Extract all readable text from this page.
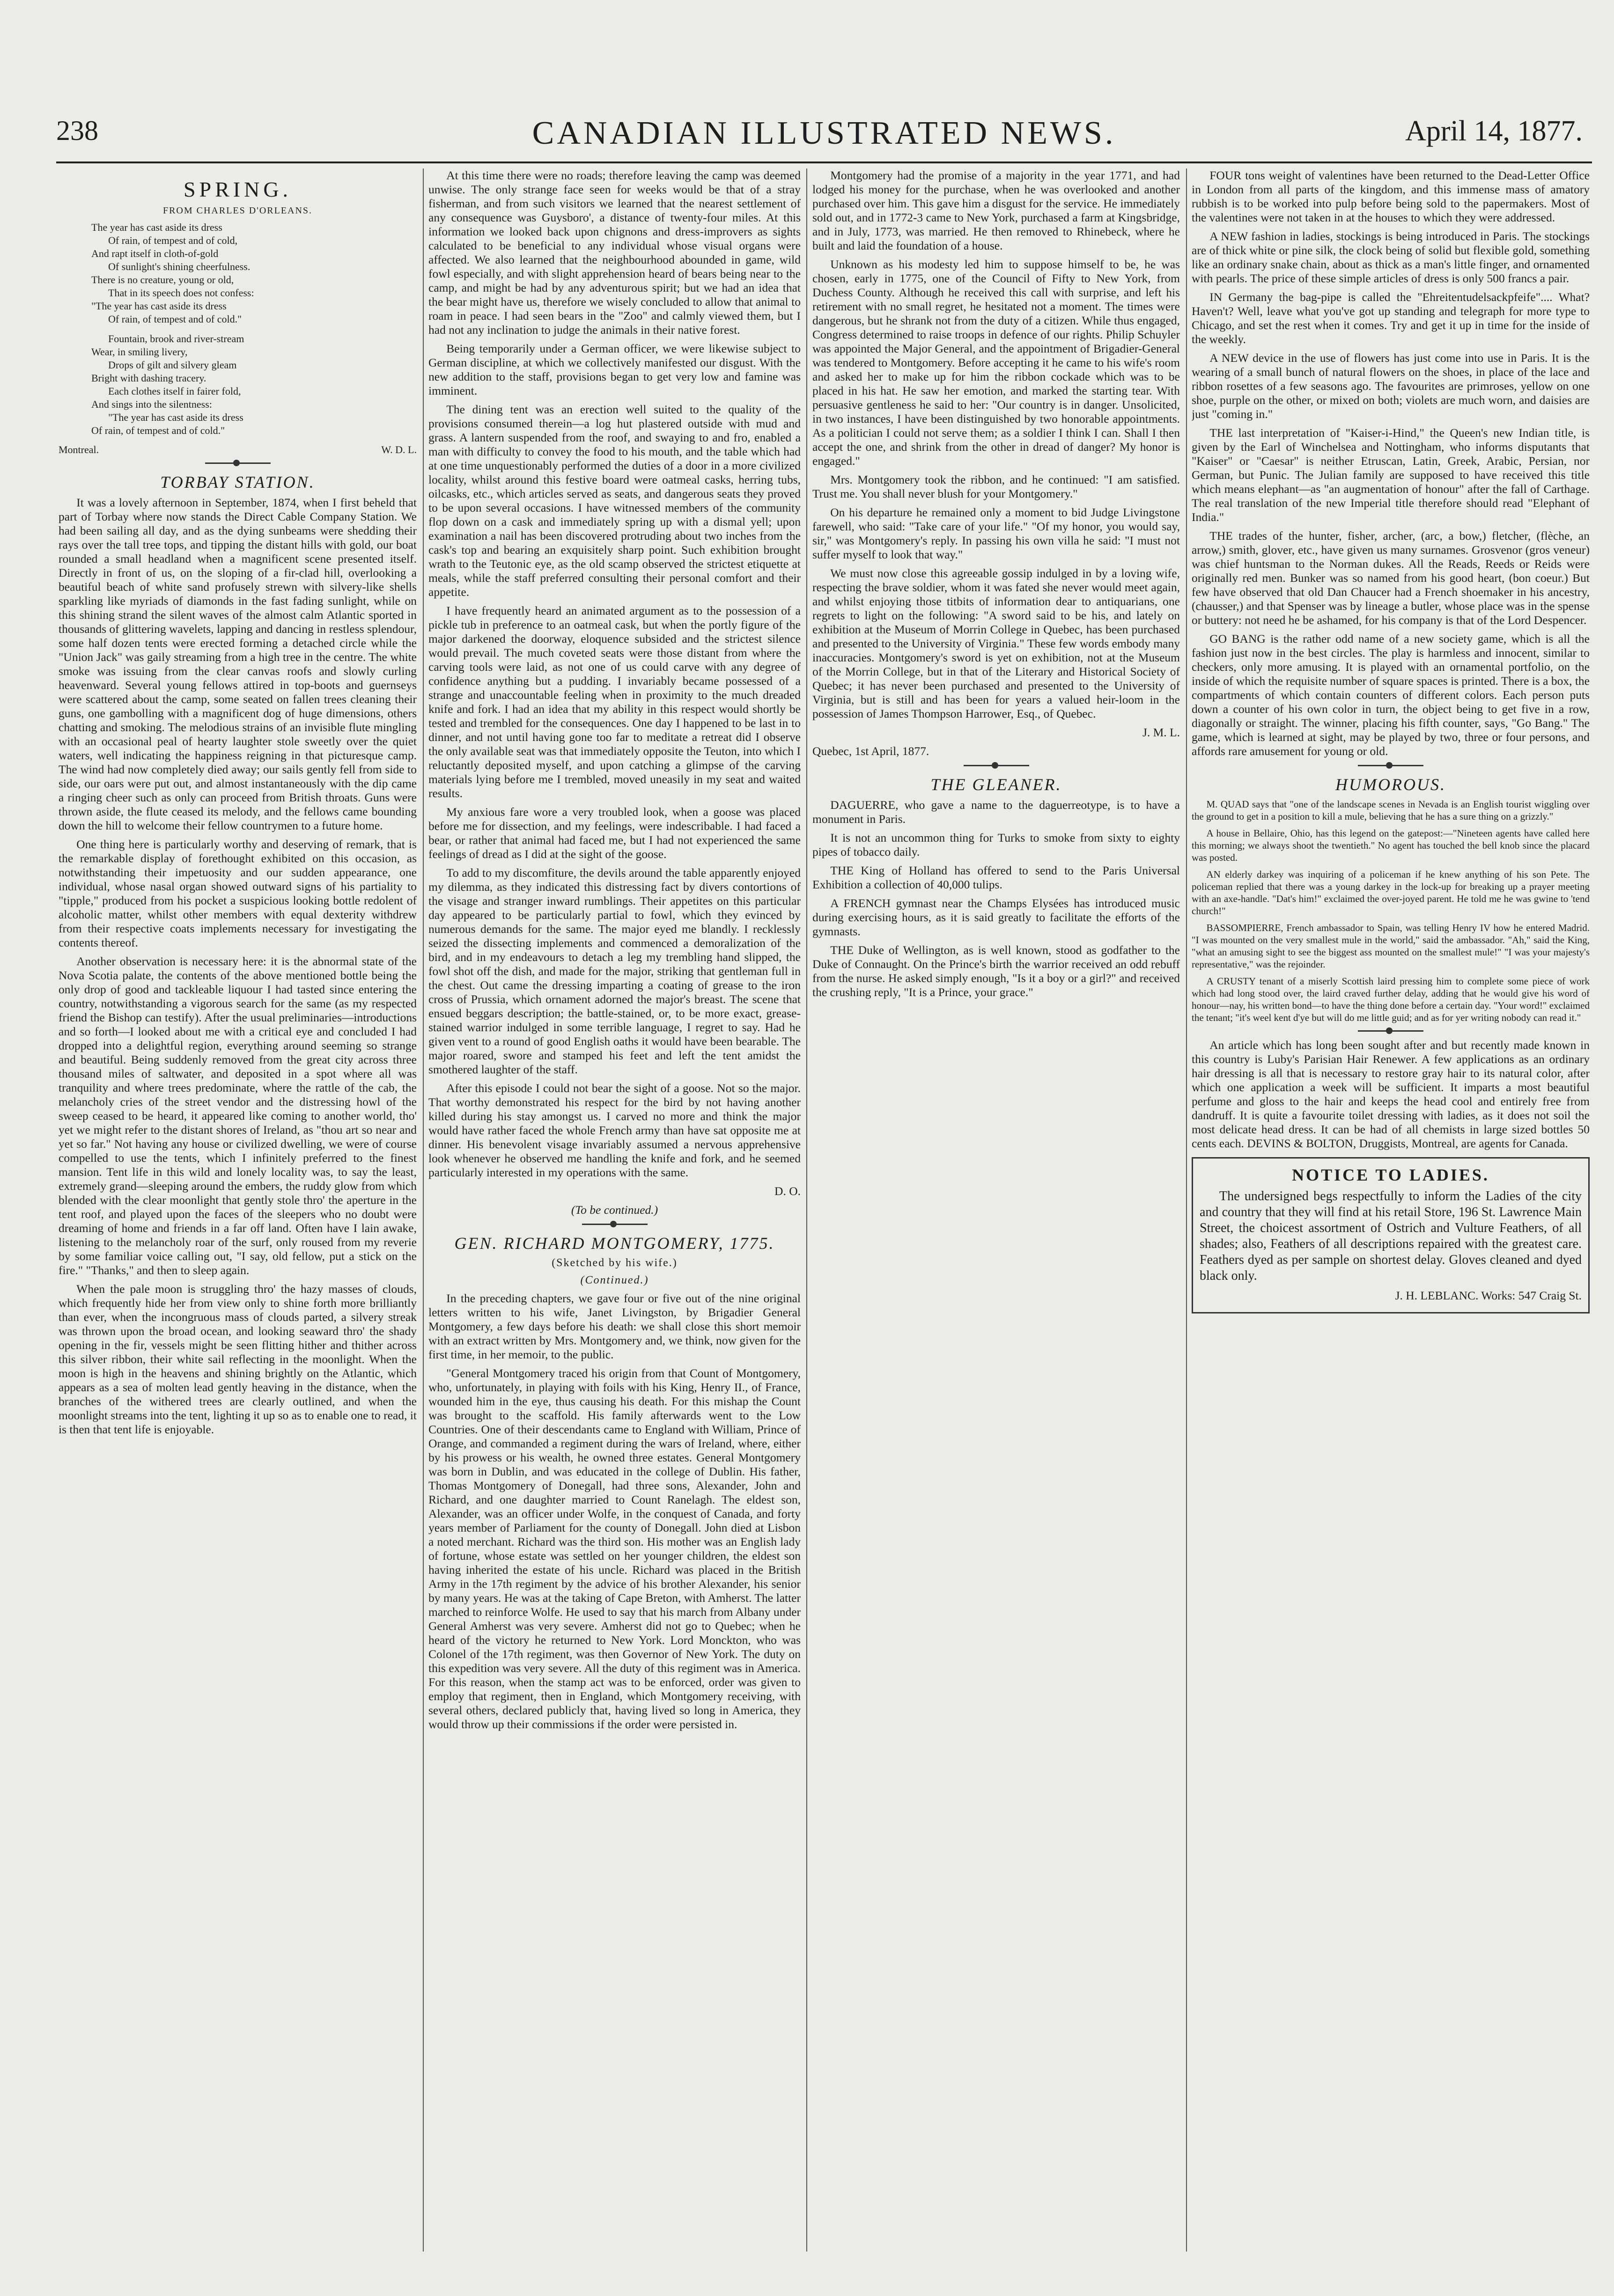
238	CANADIAN ILLUSTRATED NEWS.	April 14, 1877.
SPRING.
FROM CHARLES D'ORLEANS.
The year has cast aside its dress
Of rain, of tempest and of cold,
And rapt itself in cloth-of-gold
Of sunlight's shining cheerfulness.
There is no creature, young or old,
That in its speech does not confess:
"The year has cast aside its dress
Of rain, of tempest and of cold."
Fountain, brook and river-stream
Wear, in smiling livery,
Drops of gilt and silvery gleam
Bright with dashing tracery.
Each clothes itself in fairer fold,
And sings into the silentness:
"The year has cast aside its dress
Of rain, of tempest and of cold."
Montreal.	W. D. L.
TORBAY STATION.

It was a lovely afternoon in September, 1874, when I first beheld that part of Torbay where now stands the Direct Cable Company Station. We had been sailing all day, and as the dying sunbeams were shedding their rays over the tall tree tops, and tipping the distant hills with gold, our boat rounded a small headland when a magnificent scene presented itself. Directly in front of us, on the sloping of a fir-clad hill, overlooking a beautiful beach of white sand profusely strewn with silvery-like shells sparkling like myriads of diamonds in the fast fading sunlight, while on this shining strand the silent waves of the almost calm Atlantic sported in thousands of glittering wavelets, lapping and dancing in restless splendour, some half dozen tents were erected forming a detached circle while the "Union Jack" was gaily streaming from a high tree in the centre. The white smoke was issuing from the clear canvas roofs and slowly curling heavenward. Several young fellows attired in top-boots and guernseys were scattered about the camp, some seated on fallen trees cleaning their guns, one gambolling with a magnificent dog of huge dimensions, others chatting and smoking. The melodious strains of an invisible flute mingling with an occasional peal of hearty laughter stole sweetly over the quiet waters, well indicating the happiness reigning in that picturesque camp. The wind had now completely died away; our sails gently fell from side to side, our oars were put out, and almost instantaneously with the dip came a ringing cheer such as only can proceed from British throats. Guns were thrown aside, the flute ceased its melody, and the fellows came bounding down the hill to welcome their fellow countrymen to a future home.

One thing here is particularly worthy and deserving of remark, that is the remarkable display of forethought exhibited on this occasion, as notwithstanding their impetuosity and our sudden appearance, one individual, whose nasal organ showed outward signs of his partiality to "tipple," produced from his pocket a suspicious looking bottle redolent of alcoholic matter, whilst other members with equal dexterity withdrew from their respective coats implements necessary for investigating the contents thereof.

Another observation is necessary here: it is the abnormal state of the Nova Scotia palate, the contents of the above mentioned bottle being the only drop of good and tackleable liquour I had tasted since entering the country, notwithstanding a vigorous search for the same (as my respected friend the Bishop can testify). After the usual preliminaries—introductions and so forth—I looked about me with a critical eye and concluded I had dropped into a delightful region, everything around seeming so strange and beautiful. Being suddenly removed from the great city across three thousand miles of saltwater, and deposited in a spot where all was tranquility and where trees predominate, where the rattle of the cab, the melancholy cries of the street vendor and the distressing howl of the sweep ceased to be heard, it appeared like coming to another world, tho' yet we might refer to the distant shores of Ireland, as "thou art so near and yet so far." Not having any house or civilized dwelling, we were of course compelled to use the tents, which I infinitely preferred to the finest mansion. Tent life in this wild and lonely locality was, to say the least, extremely grand—sleeping around the embers, the ruddy glow from which blended with the clear moonlight that gently stole thro' the aperture in the tent roof, and played upon the faces of the sleepers who no doubt were dreaming of home and friends in a far off land. Often have I lain awake, listening to the melancholy roar of the surf, only roused from my reverie by some familiar voice calling out, "I say, old fellow, put a stick on the fire." "Thanks," and then to sleep again.

When the pale moon is struggling thro' the hazy masses of clouds, which frequently hide her from view only to shine forth more brilliantly than ever, when the incongruous mass of clouds parted, a silvery streak was thrown upon the broad ocean, and looking seaward thro' the shady opening in the fir, vessels might be seen flitting hither and thither across this silver ribbon, their white sail reflecting in the moonlight. When the moon is high in the heavens and shining brightly on the Atlantic, which appears as a sea of molten lead gently heaving in the distance, when the branches of the withered trees are clearly outlined, and when the moonlight streams into the tent, lighting it up so as to enable one to read, it is then that tent life is enjoyable.

At this time there were no roads; therefore leaving the camp was deemed unwise. The only strange face seen for weeks would be that of a stray fisherman, and from such visitors we learned that the nearest settlement of any consequence was Guysboro', a distance of twenty-four miles. At this information we looked back upon chignons and dress-improvers as sights calculated to be beneficial to any individual whose visual organs were affected. We also learned that the neighbourhood abounded in game, wild fowl especially, and with slight apprehension heard of bears being near to the camp, and might be had by any adventurous spirit; but we had an idea that the bear might have us, therefore we wisely concluded to allow that animal to roam in peace. I had seen bears in the "Zoo" and calmly viewed them, but I had not any inclination to judge the animals in their native forest.

Being temporarily under a German officer, we were likewise subject to German discipline, at which we collectively manifested our disgust. With the new addition to the staff, provisions began to get very low and famine was imminent.

The dining tent was an erection well suited to the quality of the provisions consumed therein—a log hut plastered outside with mud and grass. A lantern suspended from the roof, and swaying to and fro, enabled a man with difficulty to convey the food to his mouth, and the table which had at one time unquestionably performed the duties of a door in a more civilized locality, whilst around this festive board were oatmeal casks, herring tubs, oilcasks, etc., which articles served as seats, and dangerous seats they proved to be upon several occasions. I have witnessed members of the community flop down on a cask and immediately spring up with a dismal yell; upon examination a nail has been discovered protruding about two inches from the cask's top and bearing an exquisitely sharp point. Such exhibition brought wrath to the Teutonic eye, as the old scamp observed the strictest etiquette at meals, while the staff preferred consulting their personal comfort and their appetite.

I have frequently heard an animated argument as to the possession of a pickle tub in preference to an oatmeal cask, but when the portly figure of the major darkened the doorway, eloquence subsided and the strictest silence would prevail. The much coveted seats were those distant from where the carving tools were laid, as not one of us could carve with any degree of confidence anything but a pudding. I invariably became possessed of a strange and unaccountable feeling when in proximity to the much dreaded knife and fork. I had an idea that my ability in this respect would shortly be tested and trembled for the consequences. One day I happened to be last in to dinner, and not until having gone too far to meditate a retreat did I observe the only available seat was that immediately opposite the Teuton, into which I reluctantly deposited myself, and upon catching a glimpse of the carving materials lying before me I trembled, moved uneasily in my seat and waited results.

My anxious fare wore a very troubled look, when a goose was placed before me for dissection, and my feelings, were indescribable. I had faced a bear, or rather that animal had faced me, but I had not experienced the same feelings of dread as I did at the sight of the goose.

To add to my discomfiture, the devils around the table apparently enjoyed my dilemma, as they indicated this distressing fact by divers contortions of the visage and stranger inward rumblings. Their appetites on this particular day appeared to be particularly partial to fowl, which they evinced by numerous demands for the same. The major eyed me blandly. I recklessly seized the dissecting implements and commenced a demoralization of the bird, and in my endeavours to detach a leg my trembling hand slipped, the fowl shot off the dish, and made for the major, striking that gentleman full in the chest. Out came the dressing imparting a coating of grease to the iron cross of Prussia, which ornament adorned the major's breast. The scene that ensued beggars description; the battle-stained, or, to be more exact, grease-stained warrior indulged in some terrible language, I regret to say. Had he given vent to a round of good English oaths it would have been bearable. The major roared, swore and stamped his feet and left the tent amidst the smothered laughter of the staff.

After this episode I could not bear the sight of a goose. Not so the major. That worthy demonstrated his respect for the bird by not having another killed during his stay amongst us. I carved no more and think the major would have rather faced the whole French army than have sat opposite me at dinner. His benevolent visage invariably assumed a nervous apprehensive look whenever he observed me handling the knife and fork, and he seemed particularly interested in my operations with the same.

D. O.

(To be continued.)

GEN. RICHARD MONTGOMERY, 1775.
(Sketched by his wife.)
(Continued.)

In the preceding chapters, we gave four or five out of the nine original letters written to his wife, Janet Livingston, by Brigadier General Montgomery, a few days before his death: we shall close this short memoir with an extract written by Mrs. Montgomery and, we think, now given for the first time, in her memoir, to the public.

"General Montgomery traced his origin from that Count of Montgomery, who, unfortunately, in playing with foils with his King, Henry II., of France, wounded him in the eye, thus causing his death. For this mishap the Count was brought to the scaffold. His family afterwards went to the Low Countries. One of their descendants came to England with William, Prince of Orange, and commanded a regiment during the wars of Ireland, where, either by his prowess or his wealth, he owned three estates. General Montgomery was born in Dublin, and was educated in the college of Dublin. His father, Thomas Montgomery of Donegall, had three sons, Alexander, John and Richard, and one daughter married to Count Ranelagh. The eldest son, Alexander, was an officer under Wolfe, in the conquest of Canada, and forty years member of Parliament for the county of Donegall. John died at Lisbon a noted merchant. Richard was the third son. His mother was an English lady of fortune, whose estate was settled on her younger children, the eldest son having inherited the estate of his uncle. Richard was placed in the British Army in the 17th regiment by the advice of his brother Alexander, his senior by many years. He was at the taking of Cape Breton, with Amherst. The latter marched to reinforce Wolfe. He used to say that his march from Albany under General Amherst was very severe. Amherst did not go to Quebec; when he heard of the victory he returned to New York. Lord Monckton, who was Colonel of the 17th regiment, was then Governor of New York. The duty on this expedition was very severe. All the duty of this regiment was in America. For this reason, when the stamp act was to be enforced, order was given to employ that regiment, then in England, which Montgomery receiving, with several others, declared publicly that, having lived so long in America, they would throw up their commissions if the order were persisted in.

Montgomery had the promise of a majority in the year 1771, and had lodged his money for the purchase, when he was overlooked and another purchased over him. This gave him a disgust for the service. He immediately sold out, and in 1772-3 came to New York, purchased a farm at Kingsbridge, and in July, 1773, was married. He then removed to Rhinebeck, where he built and laid the foundation of a house.

Unknown as his modesty led him to suppose himself to be, he was chosen, early in 1775, one of the Council of Fifty to New York, from Duchess County. Although he received this call with surprise, and left his retirement with no small regret, he hesitated not a moment. The times were dangerous, but he shrank not from the duty of a citizen. While thus engaged, Congress determined to raise troops in defence of our rights. Philip Schuyler was appointed the Major General, and the appointment of Brigadier-General was tendered to Montgomery. Before accepting it he came to his wife's room and asked her to make up for him the ribbon cockade which was to be placed in his hat. He saw her emotion, and marked the starting tear. With persuasive gentleness he said to her: "Our country is in danger. Unsolicited, in two instances, I have been distinguished by two honorable appointments. As a politician I could not serve them; as a soldier I think I can. Shall I then accept the one, and shrink from the other in dread of danger? My honor is engaged."

Mrs. Montgomery took the ribbon, and he continued: "I am satisfied. Trust me. You shall never blush for your Montgomery."

On his departure he remained only a moment to bid Judge Livingstone farewell, who said: "Take care of your life." "Of my honor, you would say, sir," was Montgomery's reply. In passing his own villa he said: "I must not suffer myself to look that way."

We must now close this agreeable gossip indulged in by a loving wife, respecting the brave soldier, whom it was fated she never would meet again, and whilst enjoying those titbits of information dear to antiquarians, one regrets to light on the following: "A sword said to be his, and lately on exhibition at the Museum of Morrin College in Quebec, has been purchased and presented to the University of Virginia." These few words embody many inaccuracies. Montgomery's sword is yet on exhibition, not at the Museum of the Morrin College, but in that of the Literary and Historical Society of Quebec; it has never been purchased and presented to the University of Virginia, but is still and has been for years a valued heir-loom in the possession of James Thompson Harrower, Esq., of Quebec.

J. M. L.

Quebec, 1st April, 1877.

THE GLEANER.

DAGUERRE, who gave a name to the daguerreotype, is to have a monument in Paris.

It is not an uncommon thing for Turks to smoke from sixty to eighty pipes of tobacco daily.

THE King of Holland has offered to send to the Paris Universal Exhibition a collection of 40,000 tulips.

A FRENCH gymnast near the Champs Elysées has introduced music during exercising hours, as it is said greatly to facilitate the efforts of the gymnasts.

THE Duke of Wellington, as is well known, stood as godfather to the Duke of Connaught. On the Prince's birth the warrior received an odd rebuff from the nurse. He asked simply enough, "Is it a boy or a girl?" and received the crushing reply, "It is a Prince, your grace."

FOUR tons weight of valentines have been returned to the Dead-Letter Office in London from all parts of the kingdom, and this immense mass of amatory rubbish is to be worked into pulp before being sold to the papermakers. Most of the valentines were not taken in at the houses to which they were addressed.

A NEW fashion in ladies, stockings is being introduced in Paris. The stockings are of thick white or pine silk, the clock being of solid but flexible gold, something like an ordinary snake chain, about as thick as a man's little finger, and ornamented with pearls. The price of these simple articles of dress is only 500 francs a pair.

IN Germany the bag-pipe is called the "Ehreitentudelsackpfeife".... What? Haven't? Well, leave what you've got up standing and telegraph for more type to Chicago, and set the rest when it comes. Try and get it up in time for the inside of the weekly.

A NEW device in the use of flowers has just come into use in Paris. It is the wearing of a small bunch of natural flowers on the shoes, in place of the lace and ribbon rosettes of a few seasons ago. The favourites are primroses, yellow on one shoe, purple on the other, or mixed on both; violets are much worn, and daisies are just "coming in."

THE last interpretation of "Kaiser-i-Hind," the Queen's new Indian title, is given by the Earl of Winchelsea and Nottingham, who informs disputants that "Kaiser" or "Caesar" is neither Etruscan, Latin, Greek, Arabic, Persian, nor German, but Punic. The Julian family are supposed to have received this title which means elephant—as "an augmentation of honour" after the fall of Carthage. The real translation of the new Imperial title therefore should read "Elephant of India."

THE trades of the hunter, fisher, archer, (arc, a bow,) fletcher, (flèche, an arrow,) smith, glover, etc., have given us many surnames. Grosvenor (gros veneur) was chief huntsman to the Norman dukes. All the Reads, Reeds or Reids were originally red men. Bunker was so named from his good heart, (bon coeur.) But few have observed that old Dan Chaucer had a French shoemaker in his ancestry, (chausser,) and that Spenser was by lineage a butler, whose place was in the spense or buttery: not need he be ashamed, for his company is that of the Lord Despencer.

GO BANG is the rather odd name of a new society game, which is all the fashion just now in the best circles. The play is harmless and innocent, similar to checkers, only more amusing. It is played with an ornamental portfolio, on the inside of which the requisite number of square spaces is printed. There is a box, the compartments of which contain counters of different colors. Each person puts down a counter of his own color in turn, the object being to get five in a row, diagonally or straight. The winner, placing his fifth counter, says, "Go Bang." The game, which is learned at sight, may be played by two, three or four persons, and affords rare amusement for young or old.

HUMOROUS.

M. QUAD says that "one of the landscape scenes in Nevada is an English tourist wiggling over the ground to get in a position to kill a mule, believing that he has a sure thing on a grizzly."

A house in Bellaire, Ohio, has this legend on the gatepost:—"Nineteen agents have called here this morning; we always shoot the twentieth." No agent has touched the bell knob since the placard was posted.

AN elderly darkey was inquiring of a policeman if he knew anything of his son Pete. The policeman replied that there was a young darkey in the lock-up for breaking up a prayer meeting with an axe-handle. "Dat's him!" exclaimed the over-joyed parent. He told me he was gwine to 'tend church!"

BASSOMPIERRE, French ambassador to Spain, was telling Henry IV how he entered Madrid. "I was mounted on the very smallest mule in the world," said the ambassador. "Ah," said the King, "what an amusing sight to see the biggest ass mounted on the smallest mule!" "I was your majesty's representative," was the rejoinder.

A CRUSTY tenant of a miserly Scottish laird pressing him to complete some piece of work which had long stood over, the laird craved further delay, adding that he would give his word of honour—nay, his written bond—to have the thing done before a certain day. "Your word!" exclaimed the tenant; "it's weel kent d'ye but will do me little guid; and as for yer writing nobody can read it."

An article which has long been sought after and but recently made known in this country is Luby's Parisian Hair Renewer. A few applications as an ordinary hair dressing is all that is necessary to restore gray hair to its natural color, after which one application a week will be sufficient. It imparts a most beautiful perfume and gloss to the hair and keeps the head cool and entirely free from dandruff. It is quite a favourite toilet dressing with ladies, as it does not soil the most delicate head dress. It can be had of all chemists in large sized bottles 50 cents each. DEVINS & BOLTON, Druggists, Montreal, are agents for Canada.

NOTICE TO LADIES.

The undersigned begs respectfully to inform the Ladies of the city and country that they will find at his retail Store, 196 St. Lawrence Main Street, the choicest assortment of Ostrich and Vulture Feathers, of all shades; also, Feathers of all descriptions repaired with the greatest care. Feathers dyed as per sample on shortest delay. Gloves cleaned and dyed black only.

J. H. LEBLANC. Works: 547 Craig St.
